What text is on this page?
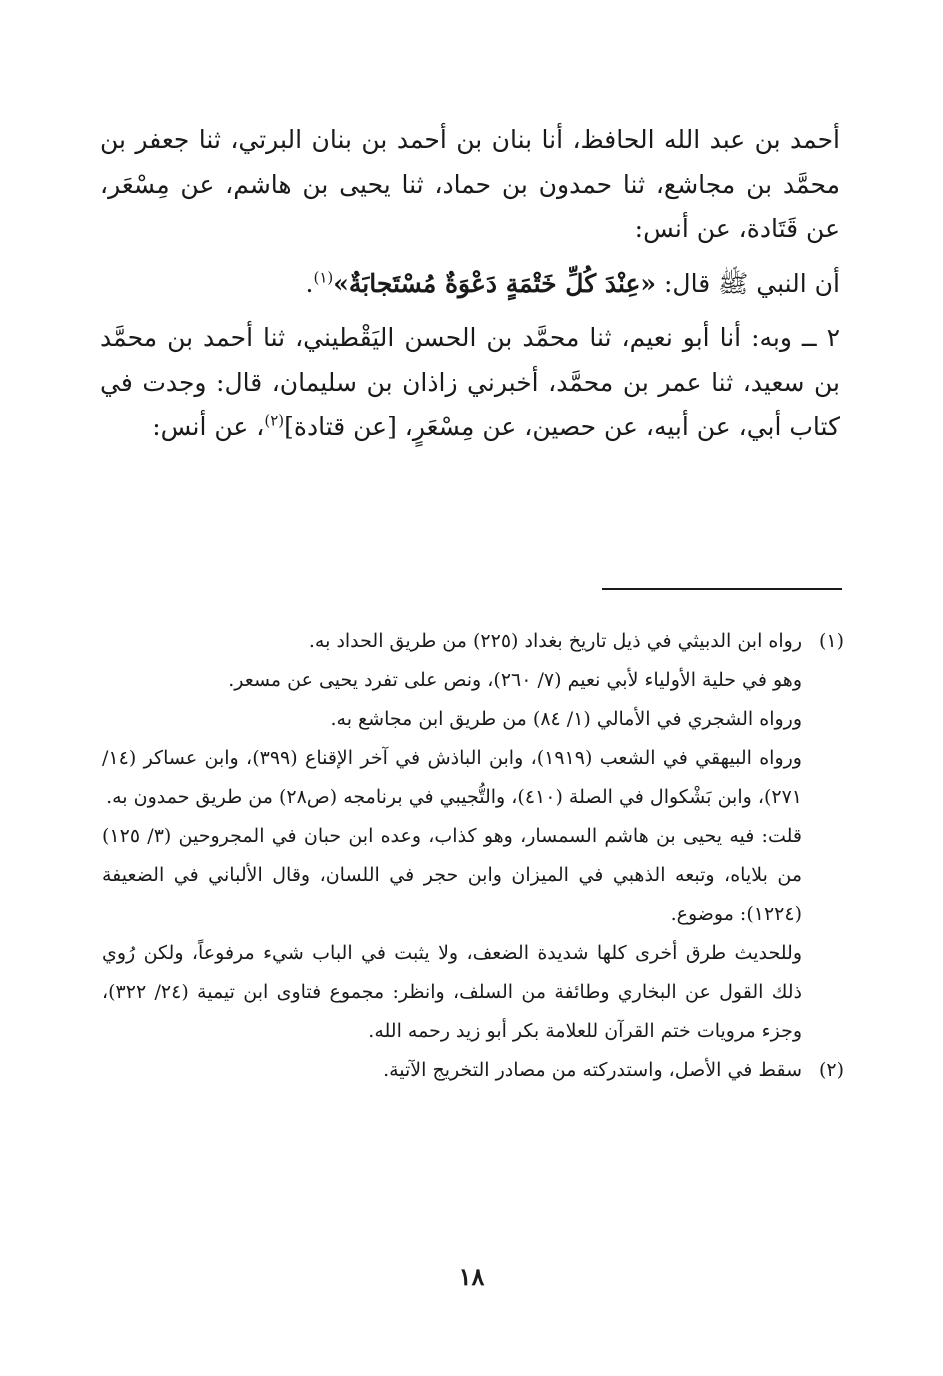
أحمد بن عبد الله الحافظ، أنا بنان بن أحمد بن بنان البرتي، ثنا جعفر بن محمَّد بن مجاشع، ثنا حمدون بن حماد، ثنا يحيى بن هاشم، عن مِسْعَر، عن قَتَادة، عن أنس:

أن النبي ﷺ قال: «عِنْدَ كُلِّ خَتْمَةٍ دَعْوَةٌ مُسْتَجابَةٌ»$^{(١)}$.

٢ ــ وبه: أنا أبو نعيم، ثنا محمَّد بن الحسن اليَقْطيني، ثنا أحمد بن محمَّد بن سعيد، ثنا عمر بن محمَّد، أخبرني زاذان بن سليمان، قال: وجدت في كتاب أبي، عن أبيه، عن حصين، عن مِسْعَرٍ، [عن قتادة]$^{(٢)}$، عن أنس:

(١)

رواه ابن الدبيثي في ذيل تاريخ بغداد (٢٢٥) من طريق الحداد به.

وهو في حلية الأولياء لأبي نعيم (٧/ ٢٦٠)، ونص على تفرد يحيى عن مسعر.

ورواه الشجري في الأمالي (١/ ٨٤) من طريق ابن مجاشع به.

ورواه البيهقي في الشعب (١٩١٩)، وابن الباذش في آخر الإقناع (٣٩٩)، وابن عساكر (١٤/ ٢٧١)، وابن بَشْكوال في الصلة (٤١٠)، والتُّجيبي في برنامجه (ص٢٨) من طريق حمدون به.

قلت: فيه يحيى بن هاشم السمسار، وهو كذاب، وعده ابن حبان في المجروحين (٣/ ١٢٥) من بلاياه، وتبعه الذهبي في الميزان وابن حجر في اللسان، وقال الألباني في الضعيفة (١٢٢٤): موضوع.

وللحديث طرق أخرى كلها شديدة الضعف، ولا يثبت في الباب شيء مرفوعاً، ولكن رُوي ذلك القول عن البخاري وطائفة من السلف، وانظر: مجموع فتاوى ابن تيمية (٢٤/ ٣٢٢)، وجزء مرويات ختم القرآن للعلامة بكر أبو زيد رحمه الله.

(٢)

سقط في الأصل، واستدركته من مصادر التخريج الآتية.

١٨
